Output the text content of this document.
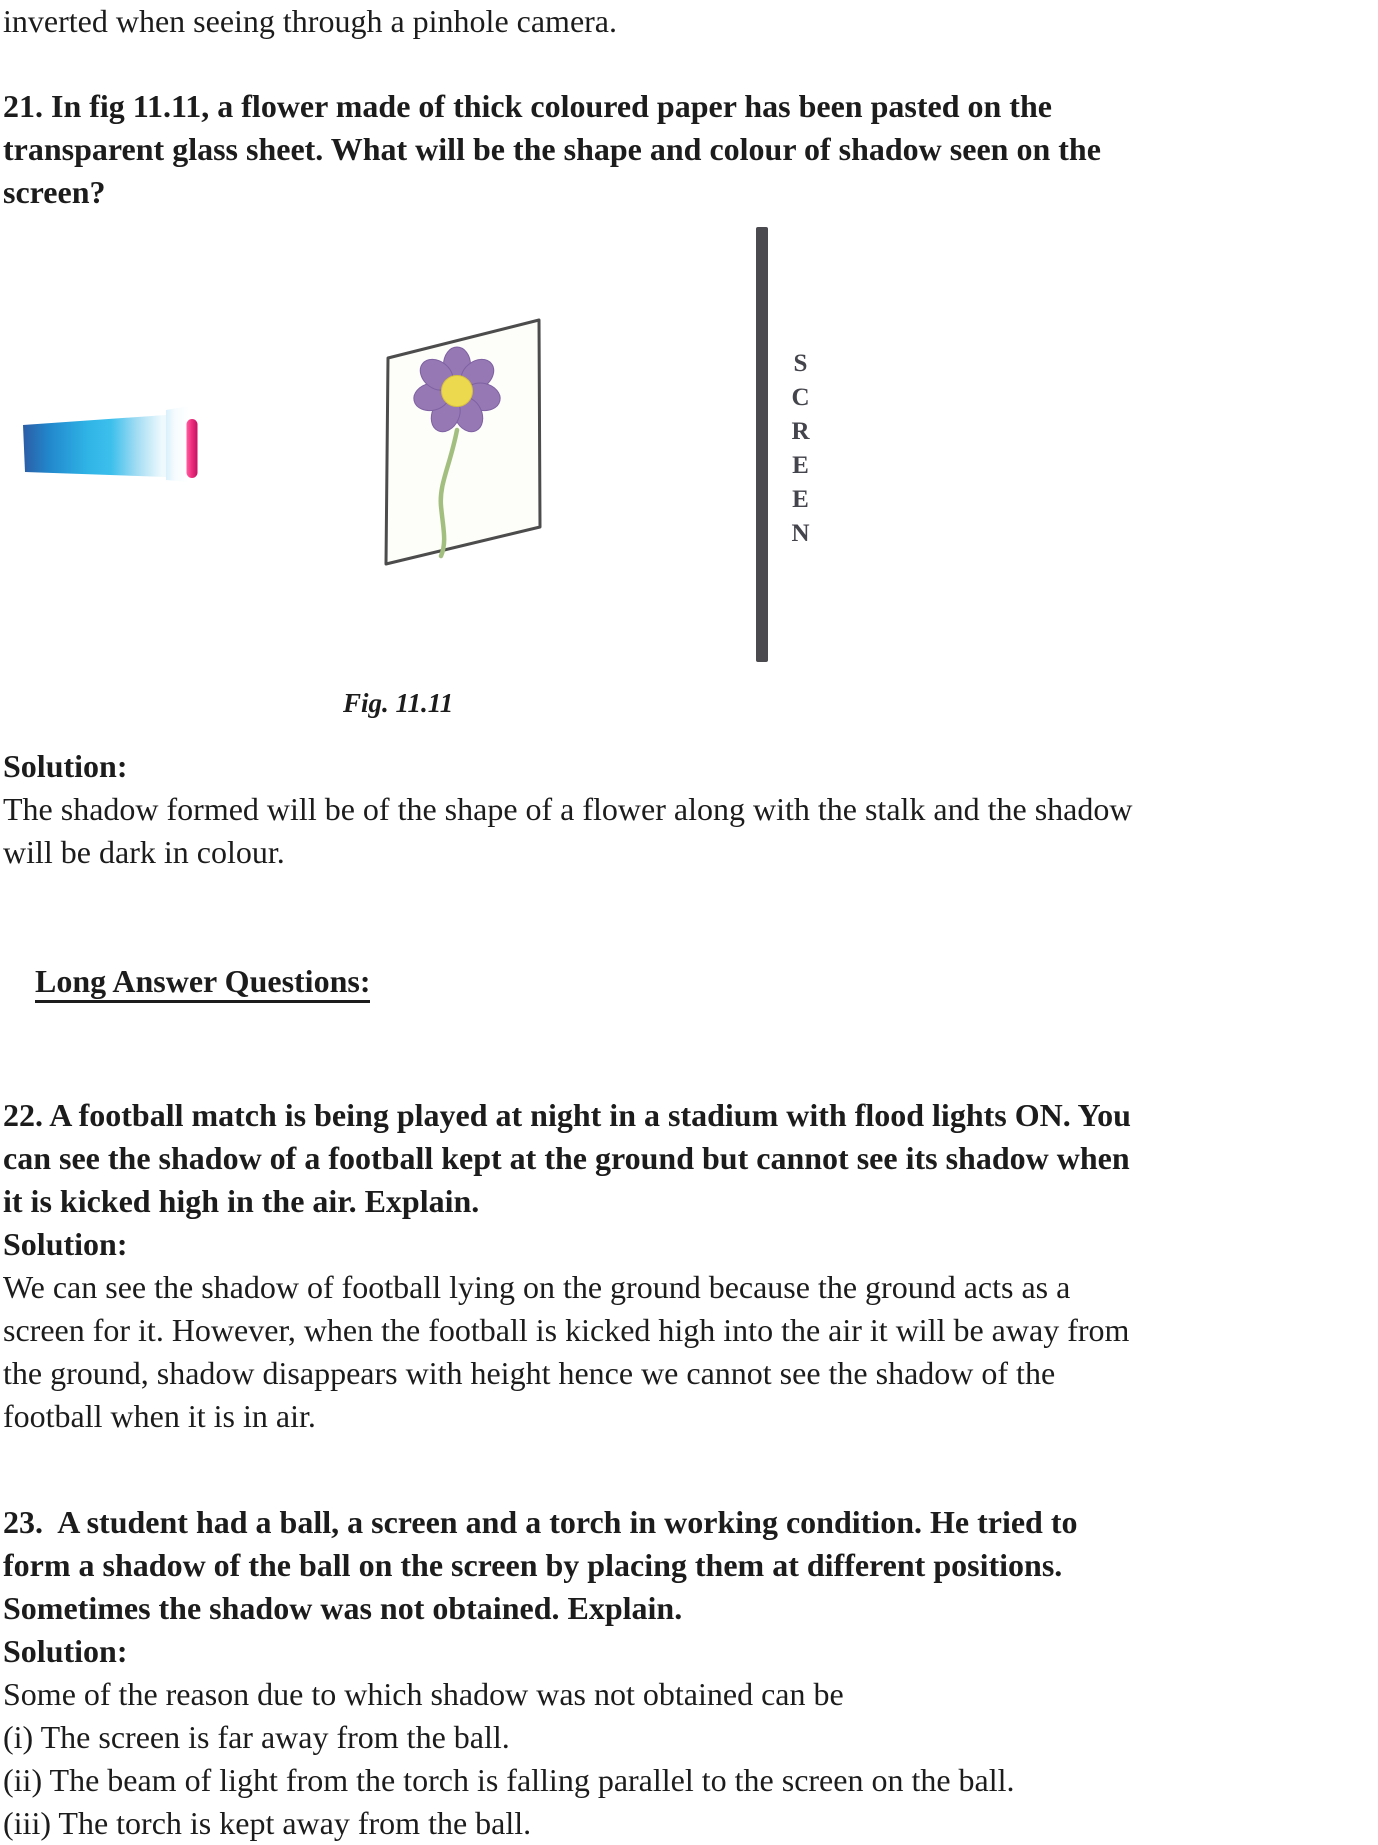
inverted when seeing through a pinhole camera.
21. In fig 11.11, a flower made of thick coloured paper has been pasted on the
transparent glass sheet. What will be the shape and colour of shadow seen on the
screen?
SCREEN
Fig. 11.11
Solution:
The shadow formed will be of the shape of a flower along with the stalk and the shadow
will be dark in colour.

Long Answer Questions:

22. A football match is being played at night in a stadium with flood lights ON. You
can see the shadow of a football kept at the ground but cannot see its shadow when
it is kicked high in the air. Explain.
Solution:
We can see the shadow of football lying on the ground because the ground acts as a
screen for it. However, when the football is kicked high into the air it will be away from
the ground, shadow disappears with height hence we cannot see the shadow of the
football when it is in air.
23.  A student had a ball, a screen and a torch in working condition. He tried to
form a shadow of the ball on the screen by placing them at different positions.
Sometimes the shadow was not obtained. Explain.
Solution:
Some of the reason due to which shadow was not obtained can be
(i) The screen is far away from the ball.
(ii) The beam of light from the torch is falling parallel to the screen on the ball.
(iii) The torch is kept away from the ball.
